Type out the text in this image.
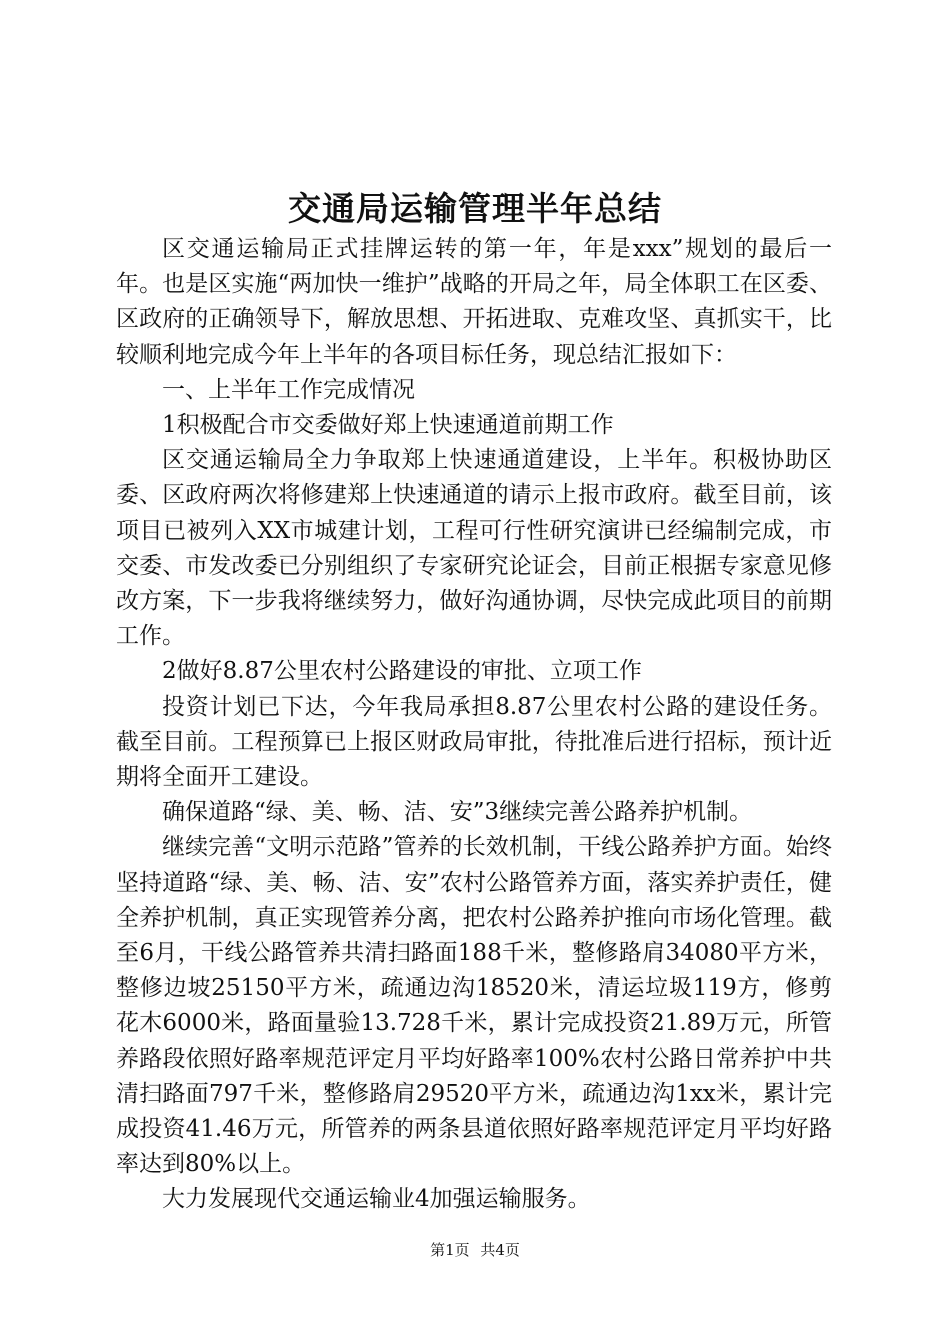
交通局运输管理半年总结

区交通运输局正式挂牌运转的第一年，年是xxx”规划的最后一年。也是区实施“两加快一维护”战略的开局之年，局全体职工在区委、区政府的正确领导下，解放思想、开拓进取、克难攻坚、真抓实干，比较顺利地完成今年上半年的各项目标任务，现总结汇报如下：

一、上半年工作完成情况

1积极配合市交委做好郑上快速通道前期工作

区交通运输局全力争取郑上快速通道建设，上半年。积极协助区委、区政府两次将修建郑上快速通道的请示上报市政府。截至目前，该项目已被列入XX市城建计划，工程可行性研究演讲已经编制完成，市交委、市发改委已分别组织了专家研究论证会，目前正根据专家意见修改方案，下一步我将继续努力，做好沟通协调，尽快完成此项目的前期工作。

2做好8.87公里农村公路建设的审批、立项工作

投资计划已下达，今年我局承担8.87公里农村公路的建设任务。截至目前。工程预算已上报区财政局审批，待批准后进行招标，预计近期将全面开工建设。

确保道路“绿、美、畅、洁、安”3继续完善公路养护机制。

继续完善“文明示范路”管养的长效机制，干线公路养护方面。始终坚持道路“绿、美、畅、洁、安”农村公路管养方面，落实养护责任，健全养护机制，真正实现管养分离，把农村公路养护推向市场化管理。截至6月，干线公路管养共清扫路面188千米，整修路肩34080平方米，整修边坡25150平方米，疏通边沟18520米，清运垃圾119方，修剪花木6000米，路面量验13.728千米，累计完成投资21.89万元，所管养路段依照好路率规范评定月平均好路率100%农村公路日常养护中共清扫路面797千米，整修路肩29520平方米，疏通边沟1xx米，累计完成投资41.46万元，所管养的两条县道依照好路率规范评定月平均好路率达到80%以上。

大力发展现代交通运输业4加强运输服务。

第1页 共4页
